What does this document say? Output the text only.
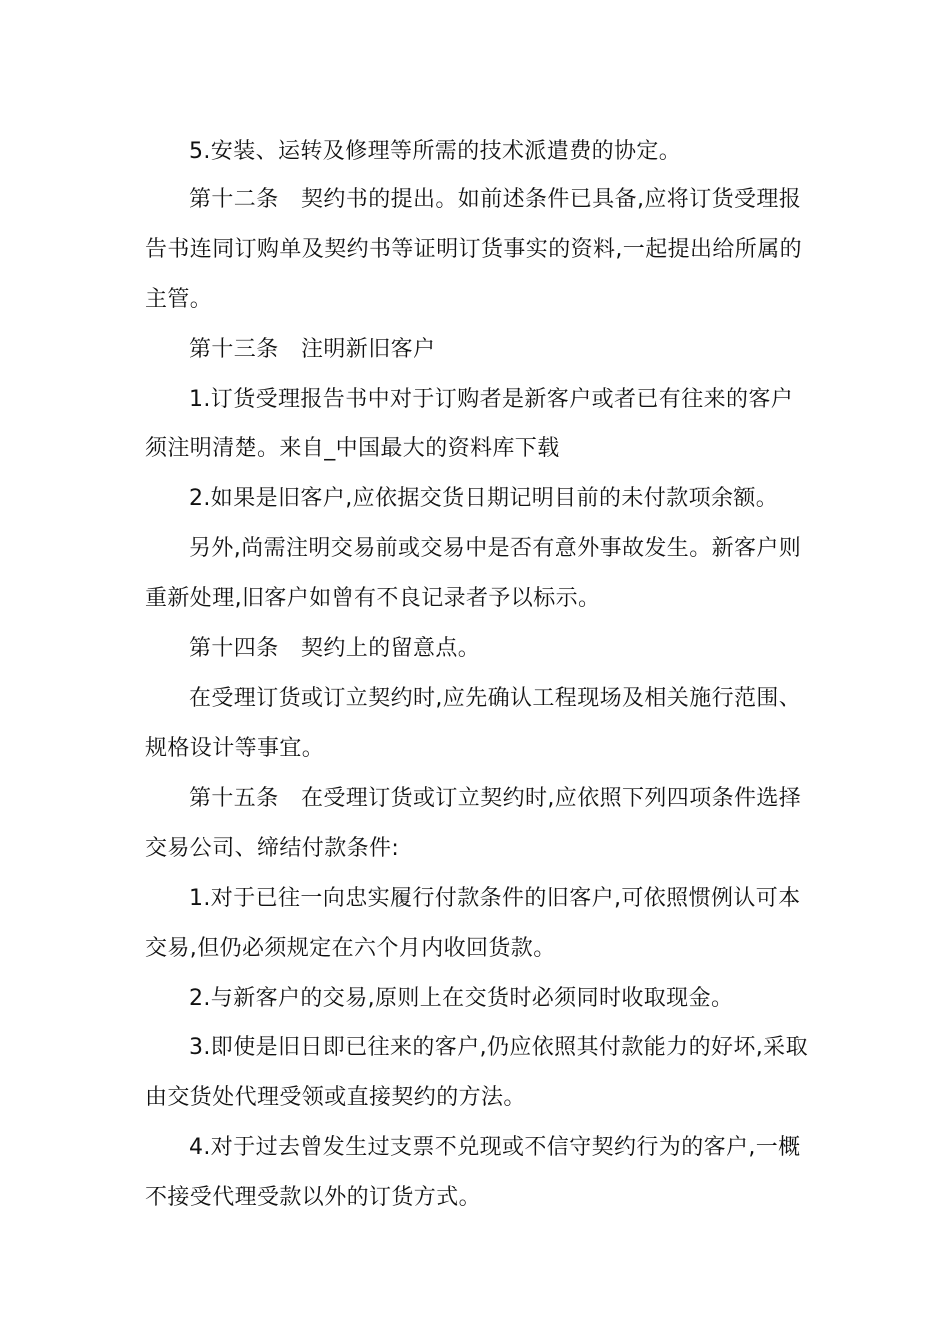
5.安装、运转及修理等所需的技术派遣费的协定。
第十二条　契约书的提出。如前述条件已具备,应将订货受理报
告书连同订购单及契约书等证明订货事实的资料,一起提出给所属的
主管。
第十三条　注明新旧客户
1.订货受理报告书中对于订购者是新客户或者已有往来的客户
须注明清楚。来自_中国最大的资料库下载
2.如果是旧客户,应依据交货日期记明目前的未付款项余额。
另外,尚需注明交易前或交易中是否有意外事故发生。新客户则
重新处理,旧客户如曾有不良记录者予以标示。
第十四条　契约上的留意点。
在受理订货或订立契约时,应先确认工程现场及相关施行范围、
规格设计等事宜。
第十五条　在受理订货或订立契约时,应依照下列四项条件选择
交易公司、缔结付款条件:
1.对于已往一向忠实履行付款条件的旧客户,可依照惯例认可本
交易,但仍必须规定在六个月内收回货款。
2.与新客户的交易,原则上在交货时必须同时收取现金。
3.即使是旧日即已往来的客户,仍应依照其付款能力的好坏,采取
由交货处代理受领或直接契约的方法。
4.对于过去曾发生过支票不兑现或不信守契约行为的客户,一概
不接受代理受款以外的订货方式。
